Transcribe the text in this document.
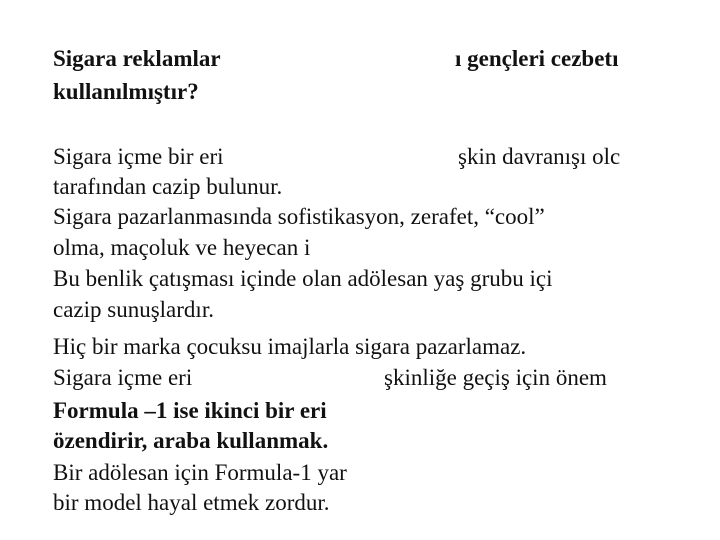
Sigara reklamlar	ı gençleri cezbetı
kullanılmıştır?
Sigara içme bir eri	şkin davranışı olc
tarafından cazip bulunur.
Sigara pazarlanmasında sofistikasyon, zerafet, “cool”
olma, maçoluk ve heyecan i
Bu benlik çatışması içinde olan adölesan yaş grubu içi
cazip sunuşlardır.
Hiç bir marka çocuksu imajlarla sigara pazarlamaz.
Sigara içme eri	şkinliğe geçiş için önem
Formula –1 ise ikinci bir eri
özendirir, araba kullanmak.
Bir adölesan için Formula-1 yar
bir model hayal etmek zordur.
